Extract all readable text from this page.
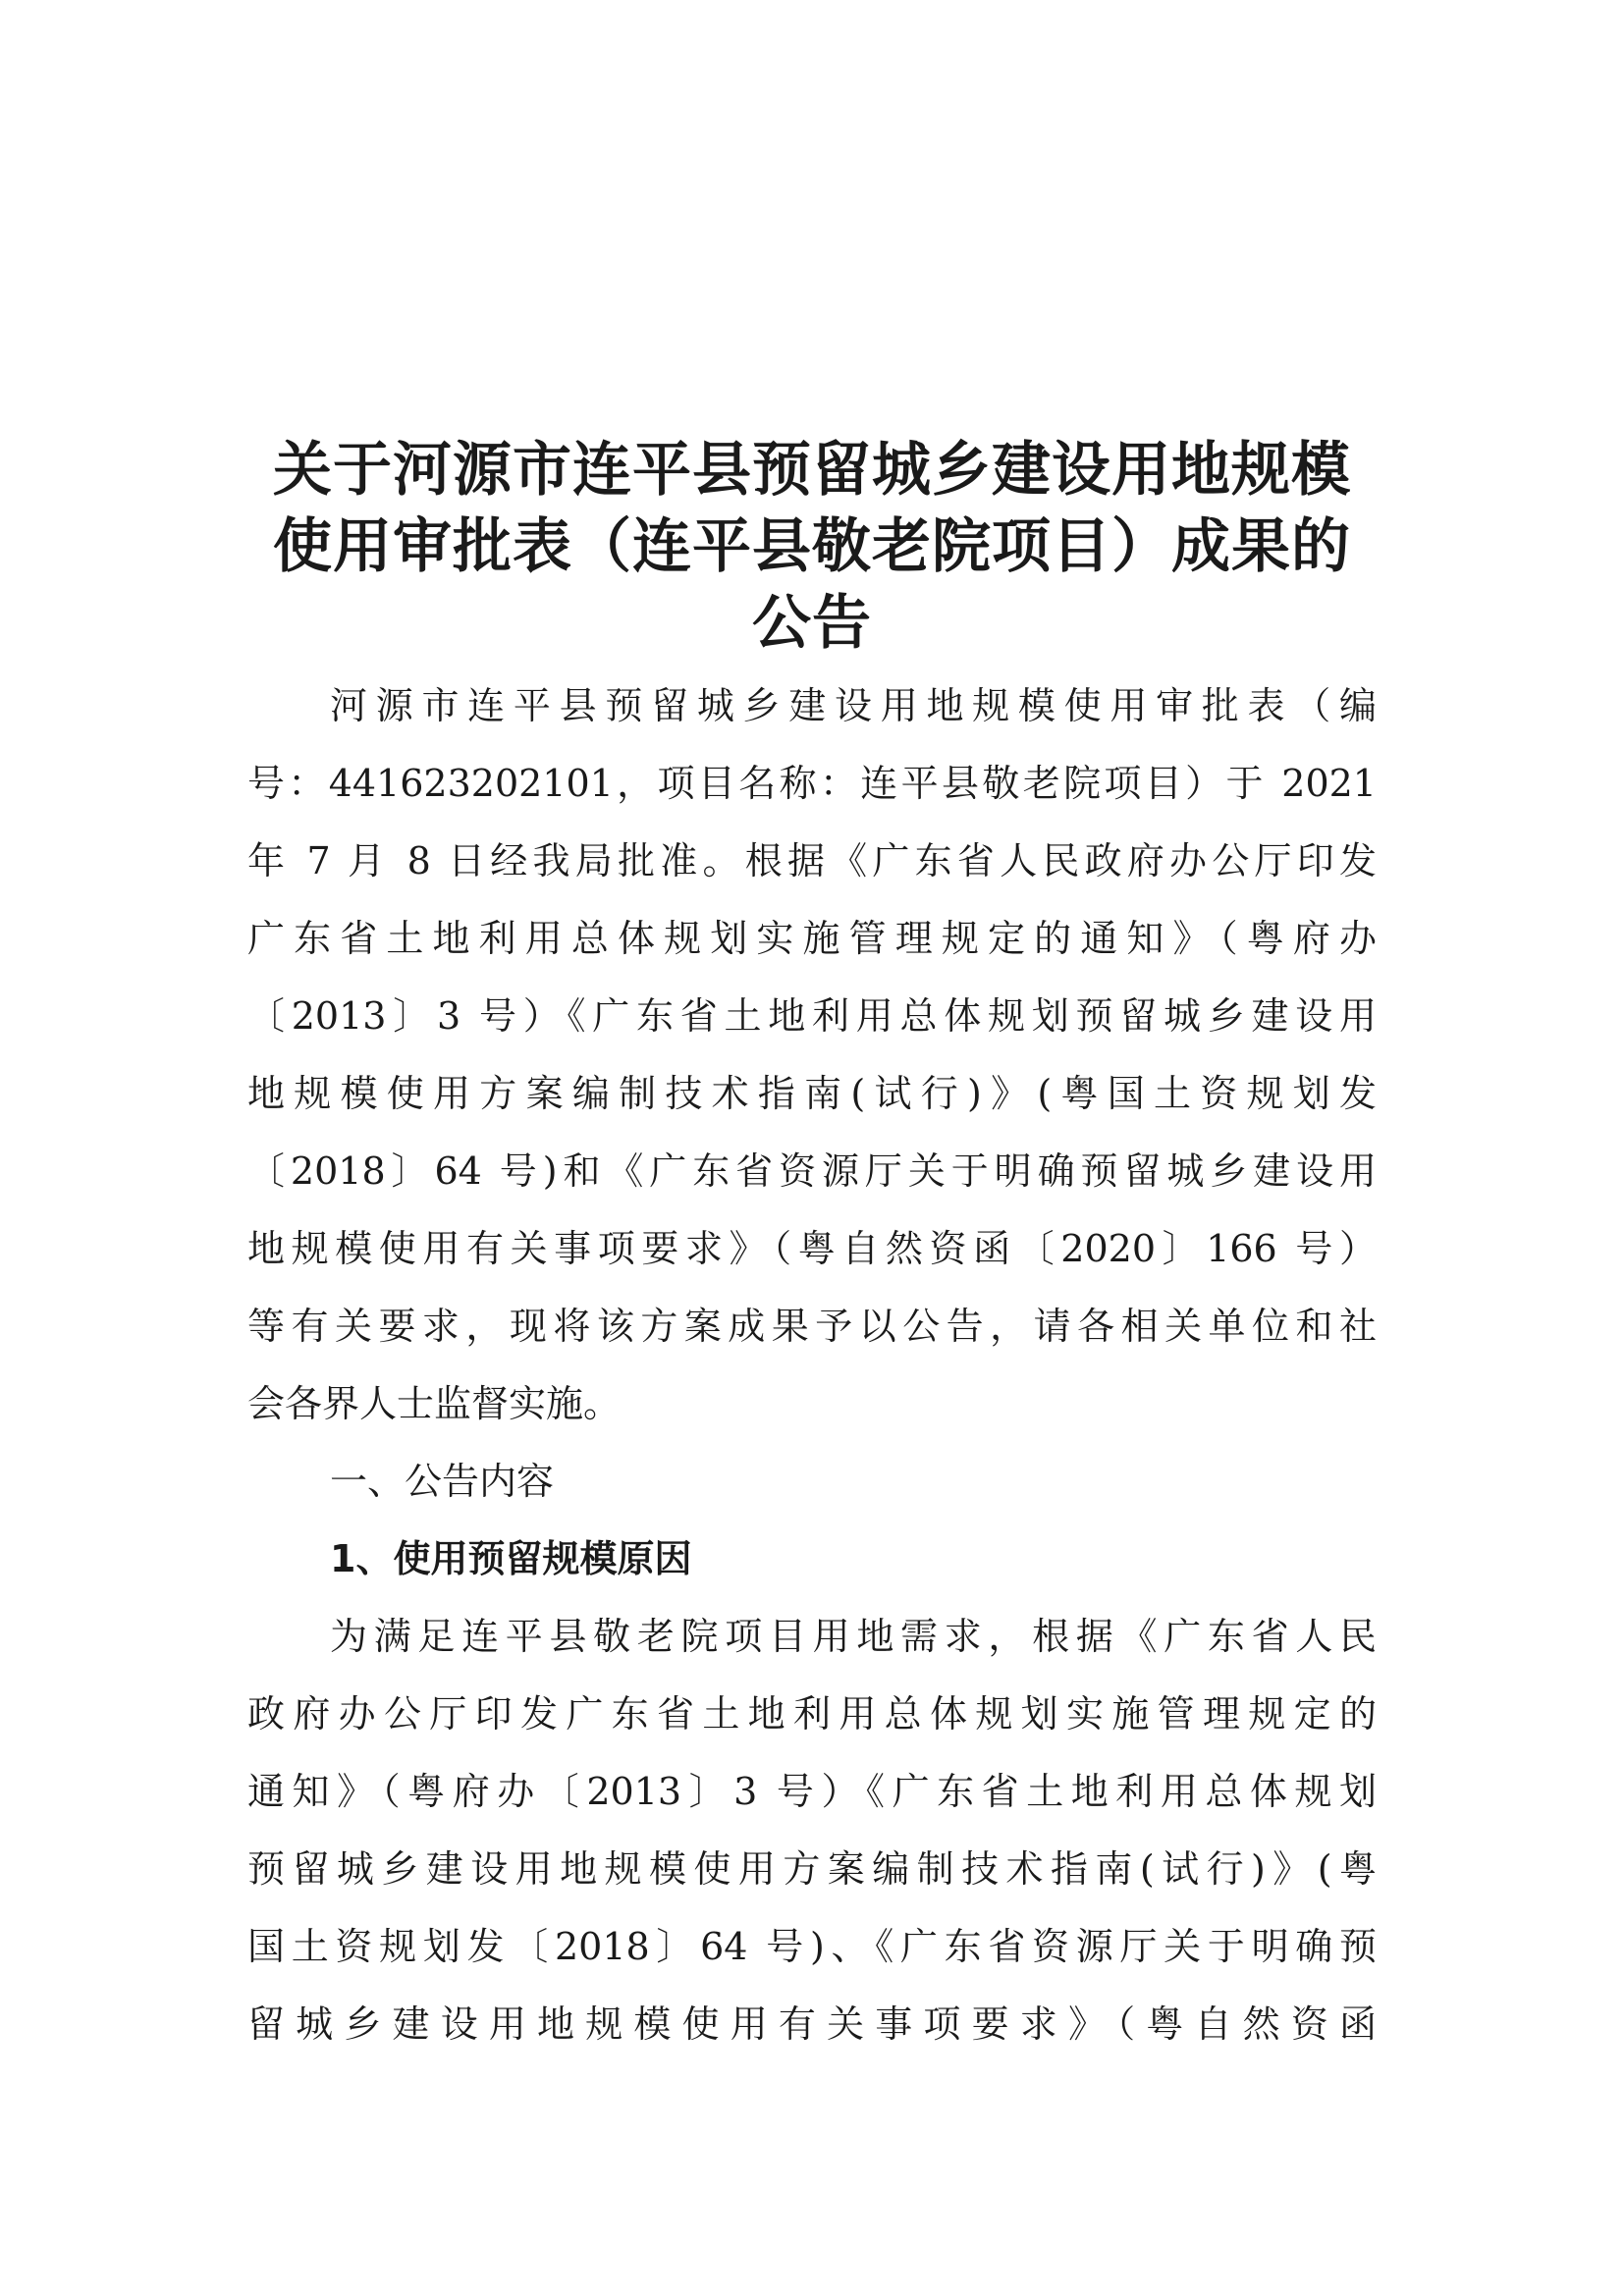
关于河源市连平县预留城乡建设用地规模
使用审批表（连平县敬老院项目）成果的
公告
河源市连平县预留城乡建设用地规模使用审批表（编
号：441623202101，项目名称：连平县敬老院项目）于 2021
年 7 月 8 日经我局批准。根据《广东省人民政府办公厅印发
广东省土地利用总体规划实施管理规定的通知》（粤府办
〔2013〕3 号）《广东省土地利用总体规划预留城乡建设用
地规模使用方案编制技术指南(试行)》(粤国土资规划发
〔2018〕64 号)和《广东省资源厅关于明确预留城乡建设用
地规模使用有关事项要求》（粤自然资函〔2020〕166 号）
等有关要求，现将该方案成果予以公告，请各相关单位和社
会各界人士监督实施。
一、公告内容
1、使用预留规模原因
为满足连平县敬老院项目用地需求，根据《广东省人民
政府办公厅印发广东省土地利用总体规划实施管理规定的
通知》（粤府办〔2013〕3 号）《广东省土地利用总体规划
预留城乡建设用地规模使用方案编制技术指南(试行)》(粤
国土资规划发〔2018〕64 号)、《广东省资源厅关于明确预
留城乡建设用地规模使用有关事项要求》（粤自然资函
